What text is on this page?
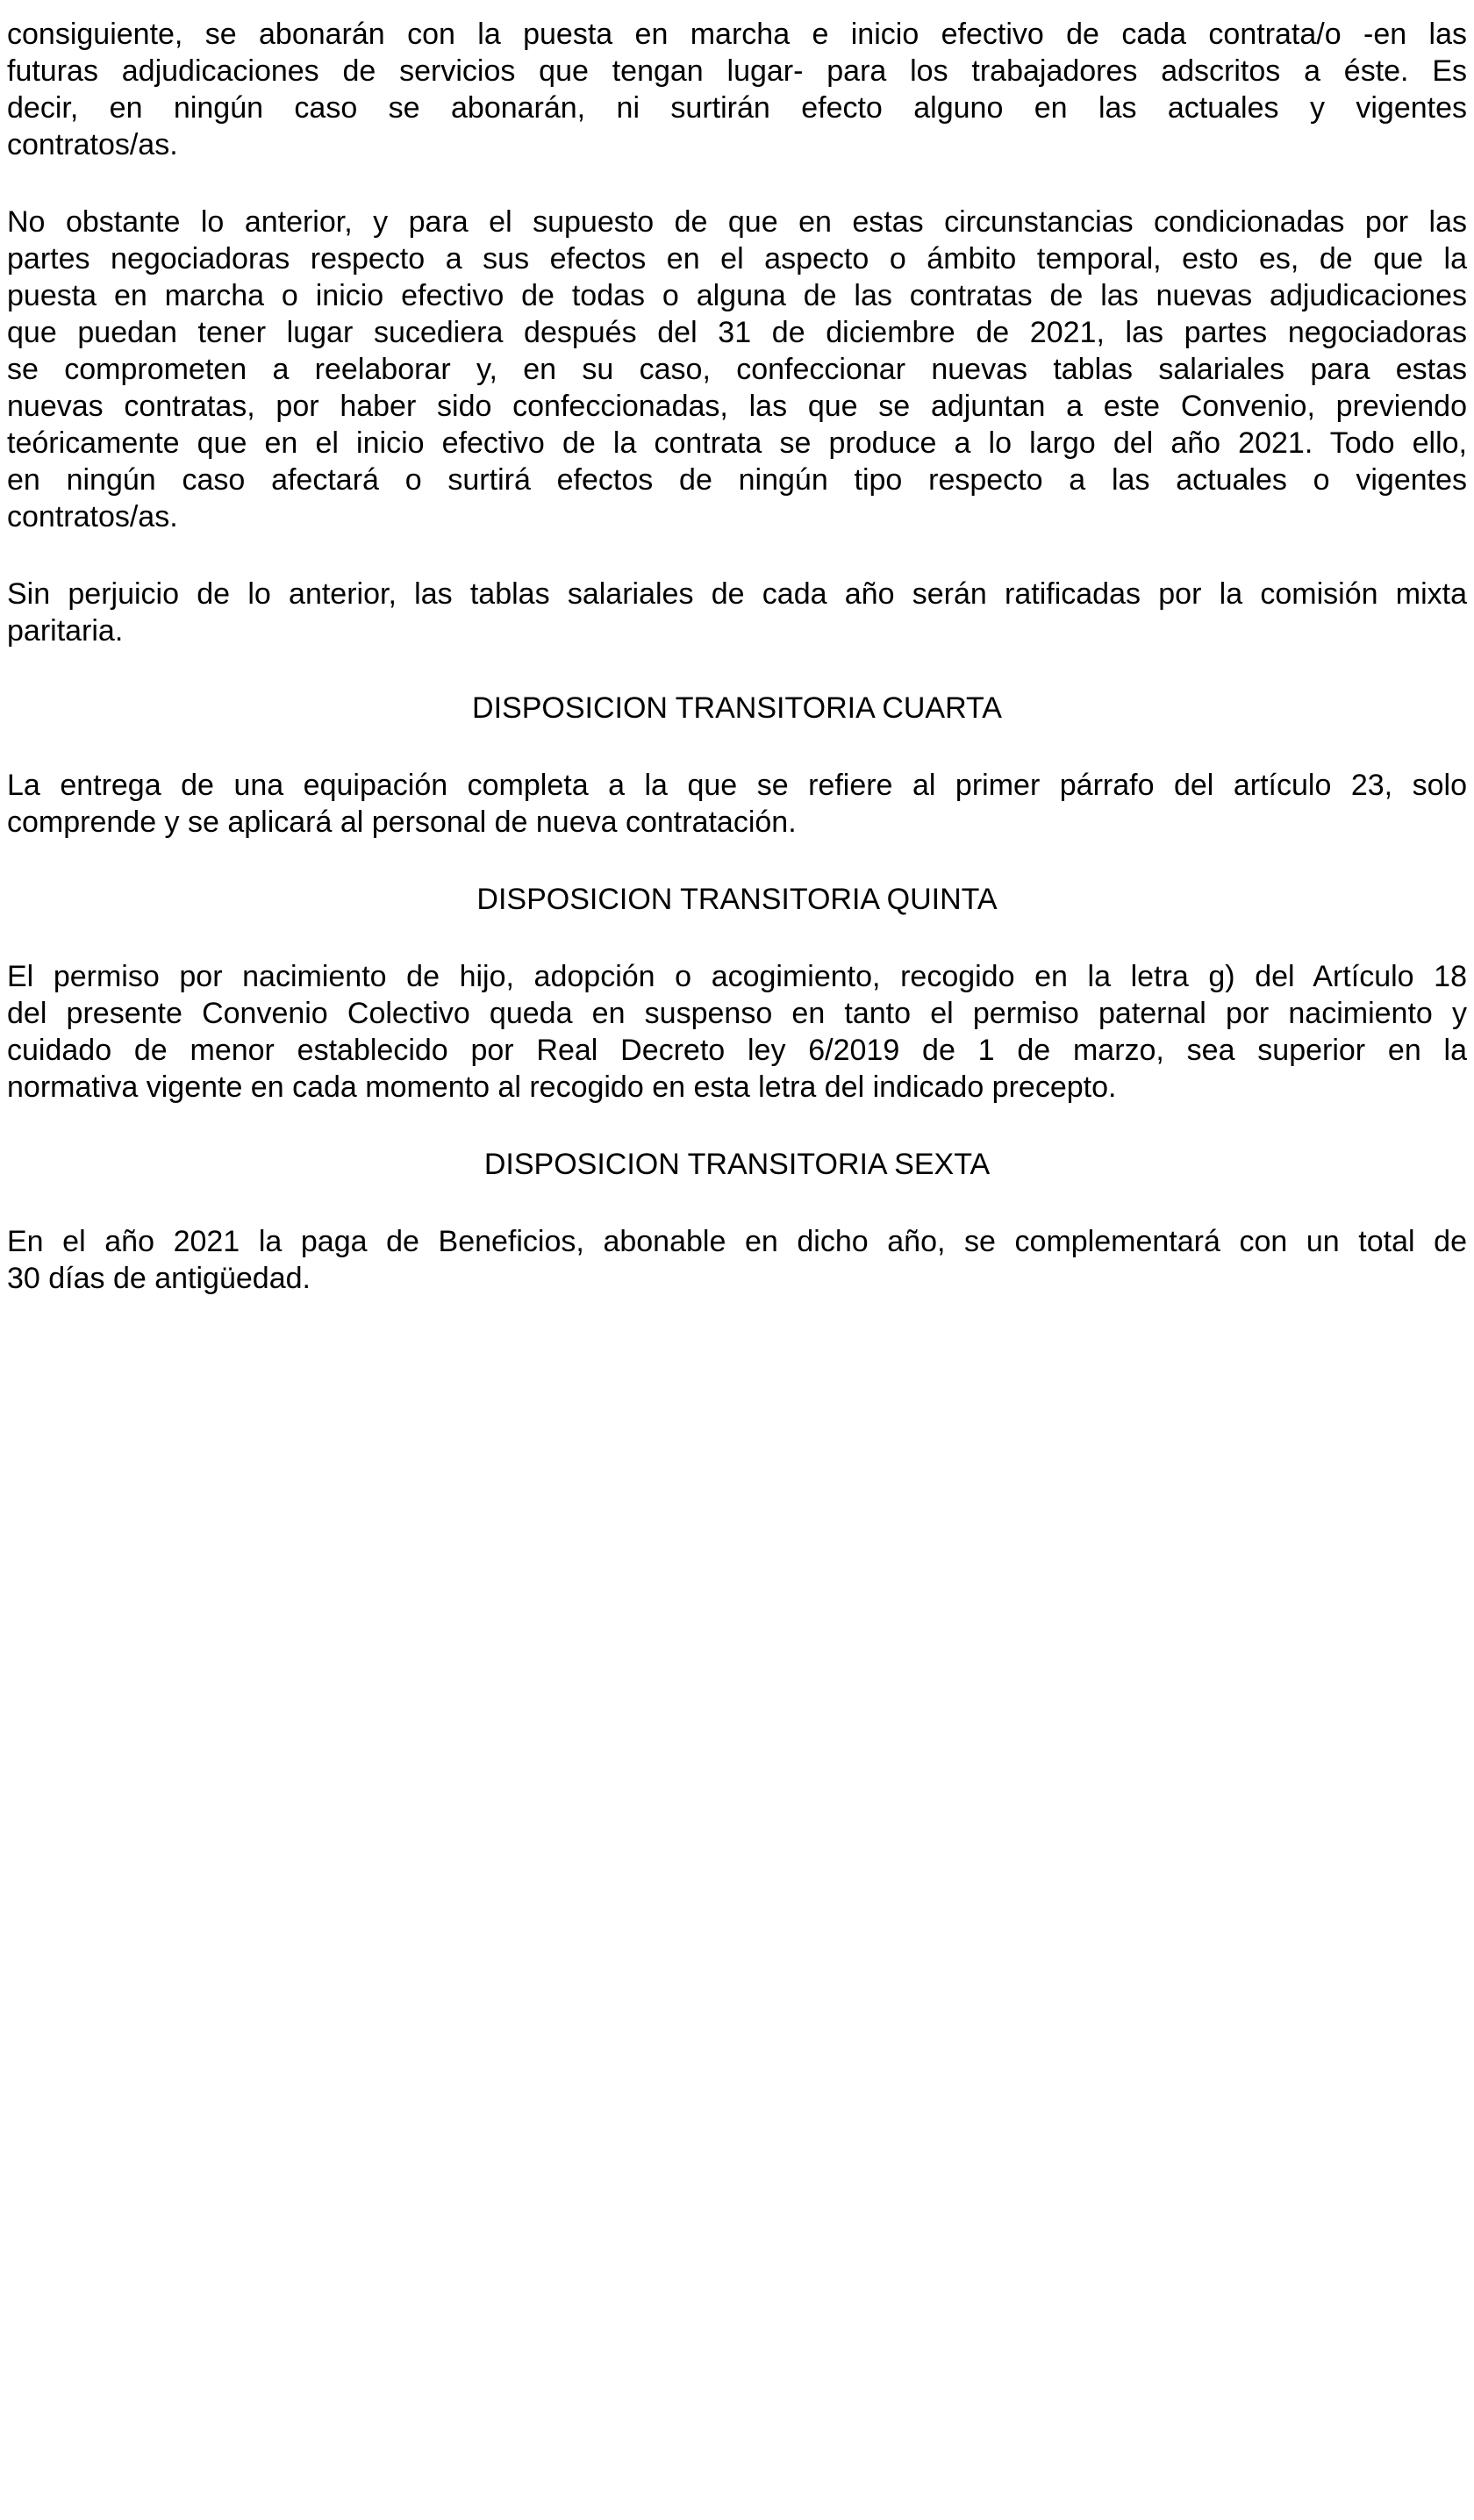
consiguiente, se abonarán con la puesta en marcha e inicio efectivo de cada contrata/o -en las
futuras adjudicaciones de servicios que tengan lugar- para los trabajadores adscritos a éste. Es
decir, en ningún caso se abonarán, ni surtirán efecto alguno en las actuales y vigentes
contratos/as.
No obstante lo anterior, y para el supuesto de que en estas circunstancias condicionadas por las
partes negociadoras respecto a sus efectos en el aspecto o ámbito temporal, esto es, de que la
puesta en marcha o inicio efectivo de todas o alguna de las contratas de las nuevas adjudicaciones
que puedan tener lugar sucediera después del 31 de diciembre de 2021, las partes negociadoras
se comprometen a reelaborar y, en su caso, confeccionar nuevas tablas salariales para estas
nuevas contratas, por haber sido confeccionadas, las que se adjuntan a este Convenio, previendo
teóricamente que en el inicio efectivo de la contrata se produce a lo largo del año 2021. Todo ello,
en ningún caso afectará o surtirá efectos de ningún tipo respecto a las actuales o vigentes
contratos/as.
Sin perjuicio de lo anterior, las tablas salariales de cada año serán ratificadas por la comisión mixta
paritaria.
DISPOSICION TRANSITORIA CUARTA
La entrega de una equipación completa a la que se refiere al primer párrafo del artículo 23, solo
comprende y se aplicará al personal de nueva contratación.
DISPOSICION TRANSITORIA QUINTA
El permiso por nacimiento de hijo, adopción o acogimiento, recogido en la letra g) del Artículo 18
del presente Convenio Colectivo queda en suspenso en tanto el permiso paternal por nacimiento y
cuidado de menor establecido por Real Decreto ley 6/2019 de 1 de marzo, sea superior en la
normativa vigente en cada momento al recogido en esta letra del indicado precepto.
DISPOSICION TRANSITORIA SEXTA
En el año 2021 la paga de Beneficios, abonable en dicho año, se complementará con un total de
30 días de antigüedad.
